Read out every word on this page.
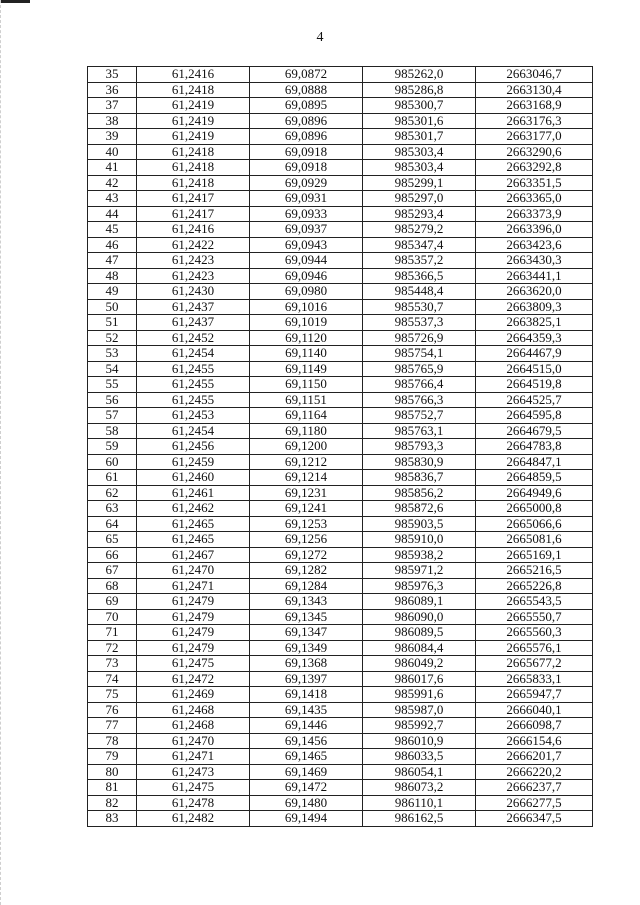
4
35	61,2416	69,0872	985262,0	2663046,7
36	61,2418	69,0888	985286,8	2663130,4
37	61,2419	69,0895	985300,7	2663168,9
38	61,2419	69,0896	985301,6	2663176,3
39	61,2419	69,0896	985301,7	2663177,0
40	61,2418	69,0918	985303,4	2663290,6
41	61,2418	69,0918	985303,4	2663292,8
42	61,2418	69,0929	985299,1	2663351,5
43	61,2417	69,0931	985297,0	2663365,0
44	61,2417	69,0933	985293,4	2663373,9
45	61,2416	69,0937	985279,2	2663396,0
46	61,2422	69,0943	985347,4	2663423,6
47	61,2423	69,0944	985357,2	2663430,3
48	61,2423	69,0946	985366,5	2663441,1
49	61,2430	69,0980	985448,4	2663620,0
50	61,2437	69,1016	985530,7	2663809,3
51	61,2437	69,1019	985537,3	2663825,1
52	61,2452	69,1120	985726,9	2664359,3
53	61,2454	69,1140	985754,1	2664467,9
54	61,2455	69,1149	985765,9	2664515,0
55	61,2455	69,1150	985766,4	2664519,8
56	61,2455	69,1151	985766,3	2664525,7
57	61,2453	69,1164	985752,7	2664595,8
58	61,2454	69,1180	985763,1	2664679,5
59	61,2456	69,1200	985793,3	2664783,8
60	61,2459	69,1212	985830,9	2664847,1
61	61,2460	69,1214	985836,7	2664859,5
62	61,2461	69,1231	985856,2	2664949,6
63	61,2462	69,1241	985872,6	2665000,8
64	61,2465	69,1253	985903,5	2665066,6
65	61,2465	69,1256	985910,0	2665081,6
66	61,2467	69,1272	985938,2	2665169,1
67	61,2470	69,1282	985971,2	2665216,5
68	61,2471	69,1284	985976,3	2665226,8
69	61,2479	69,1343	986089,1	2665543,5
70	61,2479	69,1345	986090,0	2665550,7
71	61,2479	69,1347	986089,5	2665560,3
72	61,2479	69,1349	986084,4	2665576,1
73	61,2475	69,1368	986049,2	2665677,2
74	61,2472	69,1397	986017,6	2665833,1
75	61,2469	69,1418	985991,6	2665947,7
76	61,2468	69,1435	985987,0	2666040,1
77	61,2468	69,1446	985992,7	2666098,7
78	61,2470	69,1456	986010,9	2666154,6
79	61,2471	69,1465	986033,5	2666201,7
80	61,2473	69,1469	986054,1	2666220,2
81	61,2475	69,1472	986073,2	2666237,7
82	61,2478	69,1480	986110,1	2666277,5
83	61,2482	69,1494	986162,5	2666347,5
